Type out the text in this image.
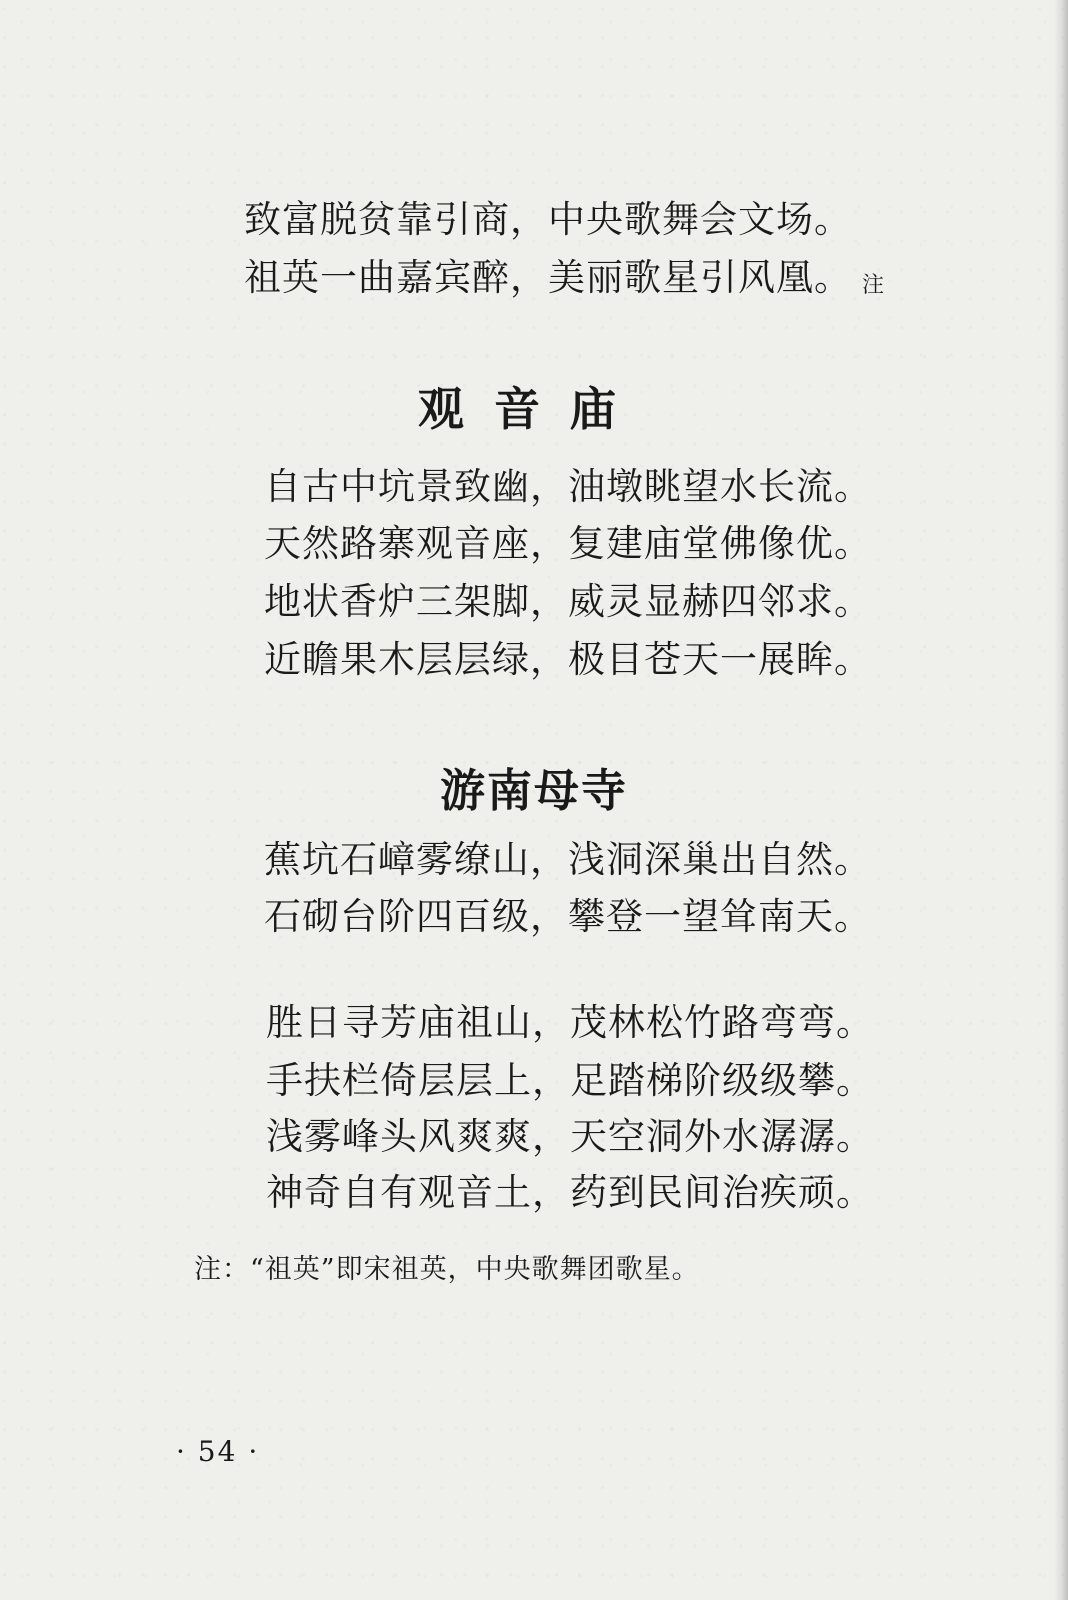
致富脱贫靠引商，中央歌舞会文场。
祖英一曲嘉宾醉，美丽歌星引风凰。 注
观音庙
自古中坑景致幽，油墩眺望水长流。
天然路寨观音座，复建庙堂佛像优。
地状香炉三架脚，威灵显赫四邻求。
近瞻果木层层绿，极目苍天一展眸。
游南母寺
蕉坑石嶂雾缭山，浅洞深巢出自然。
石砌台阶四百级，攀登一望耸南天。
胜日寻芳庙祖山，茂林松竹路弯弯。
手扶栏倚层层上，足踏梯阶级级攀。
浅雾峰头风爽爽，天空洞外水潺潺。
神奇自有观音土，药到民间治疾顽。
注：“祖英”即宋祖英，中央歌舞团歌星。
· 54 ·
